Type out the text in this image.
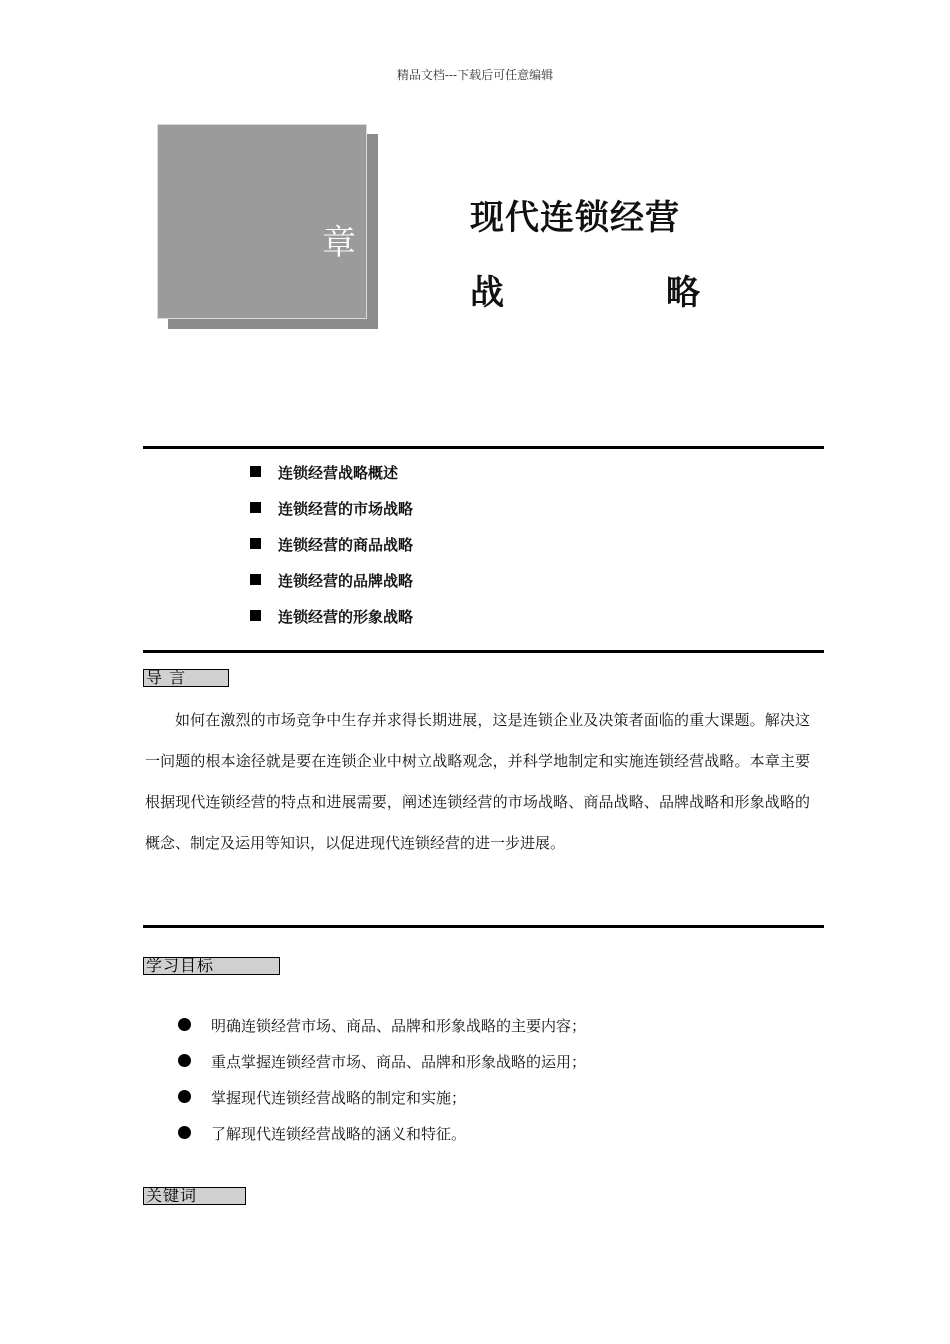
精品文档---下载后可任意编辑
章
现代连锁经营
战	略
连锁经营战略概述
连锁经营的市场战略
连锁经营的商品战略
连锁经营的品牌战略
连锁经营的形象战略
导 言

如何在激烈的市场竞争中生存并求得长期进展，这是连锁企业及决策者面临的重大课题。解决这一问题的根本途径就是要在连锁企业中树立战略观念，并科学地制定和实施连锁经营战略。本章主要根据现代连锁经营的特点和进展需要，阐述连锁经营的市场战略、商品战略、品牌战略和形象战略的概念、制定及运用等知识，以促进现代连锁经营的进一步进展。

学习目标
明确连锁经营市场、商品、品牌和形象战略的主要内容；
重点掌握连锁经营市场、商品、品牌和形象战略的运用；
掌握现代连锁经营战略的制定和实施；
了解现代连锁经营战略的涵义和特征。
关键词
